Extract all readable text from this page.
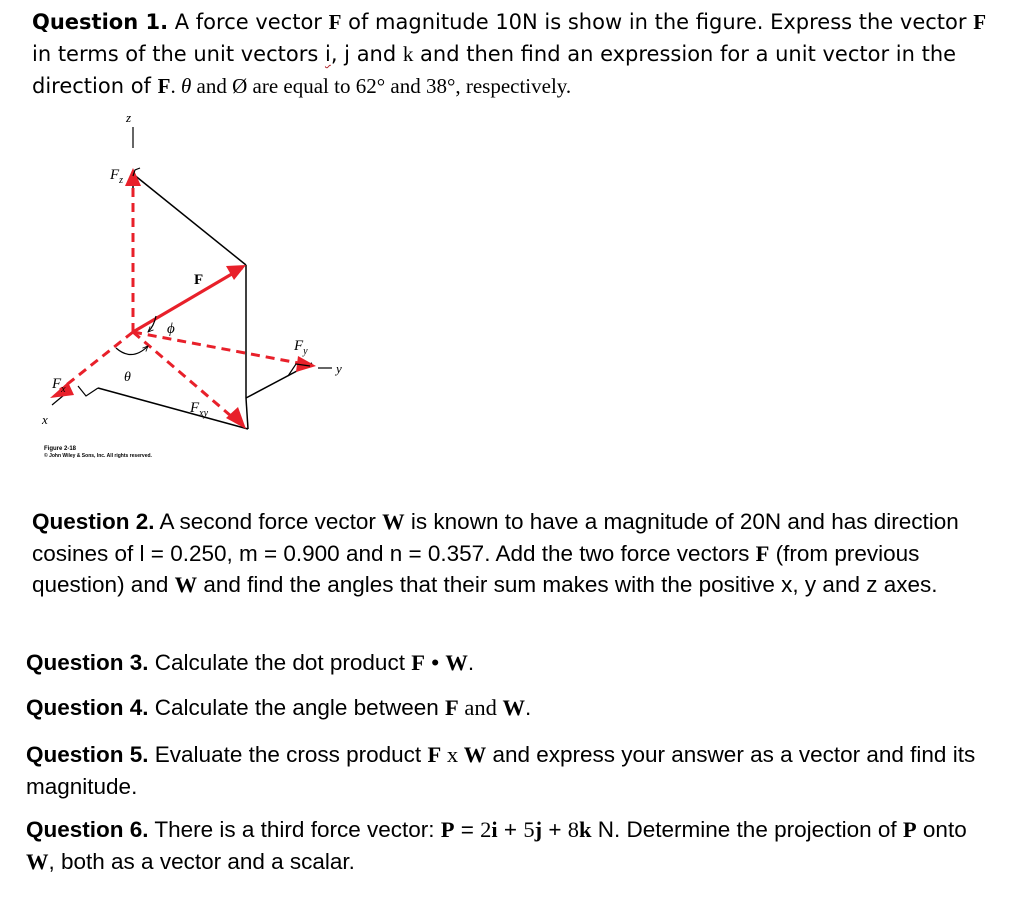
Question 1. A force vector F of magnitude 10N is show in the figure. Express the vector F in terms of the unit vectors i, j and k and then find an expression for a unit vector in the direction of F. θ and Ø are equal to 62° and 38°, respectively.

z
x
y
$F_z$
F
ϕ
θ
$F_y$
$F_x$
$F_{xy}$
Figure 2-18
© John Wiley & Sons, Inc. All rights reserved.

Question 2. A second force vector W is known to have a magnitude of 20N and has direction cosines of l = 0.250, m = 0.900 and n = 0.357. Add the two force vectors F (from previous question) and W and find the angles that their sum makes with the positive x, y and z axes.

Question 3. Calculate the dot product F • W.

Question 4. Calculate the angle between F and W.

Question 5. Evaluate the cross product F x W and express your answer as a vector and find its magnitude.

Question 6. There is a third force vector: P = 2i + 5j + 8k N. Determine the projection of P onto W, both as a vector and a scalar.
